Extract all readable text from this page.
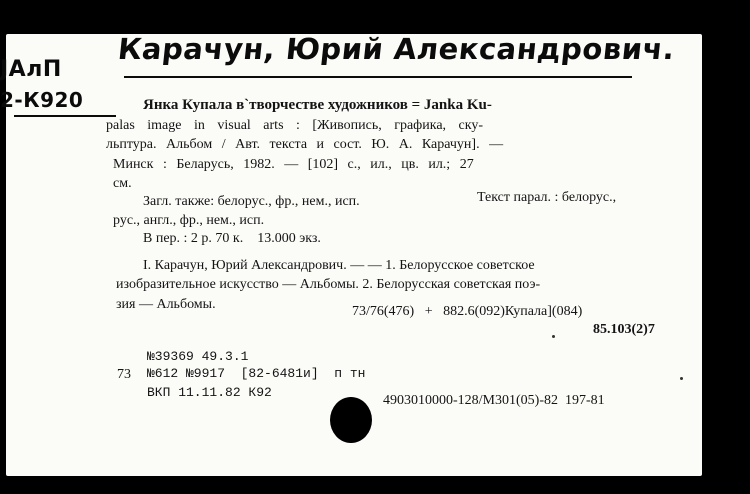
Карачун, Юрий Александрович.
ЈАлП
2-К920	Янка Купала в`творчестве художников = Janka Ku-
palas image in visual arts : [Живопись, графика, ску-
льптура. Альбом / Авт. текста и сост. Ю. А. Карачун]. —
Минск : Беларусь, 1982. — [102] с., ил., цв. ил.; 27
см.
Загл. также: белорус., фр., нем., исп.	Текст парал. : белорус.,
рус., англ., фр., нем., исп.
В пер. : 2 р. 70 к.    13.000 экз.
I. Карачун, Юрий Александрович. — — 1. Белорусское советское
изобразительное искусство — Альбомы. 2. Белорусская советская поэ-
зия — Альбомы.	73/76(476)   +   882.6(092)Купала](084)
85.103(2)7
№39369 49.3.1
73 №612 №9917  [82-6481и]  п тн
ВКП 11.11.82 К92
4903010000-128/М301(05)-82  197-81
